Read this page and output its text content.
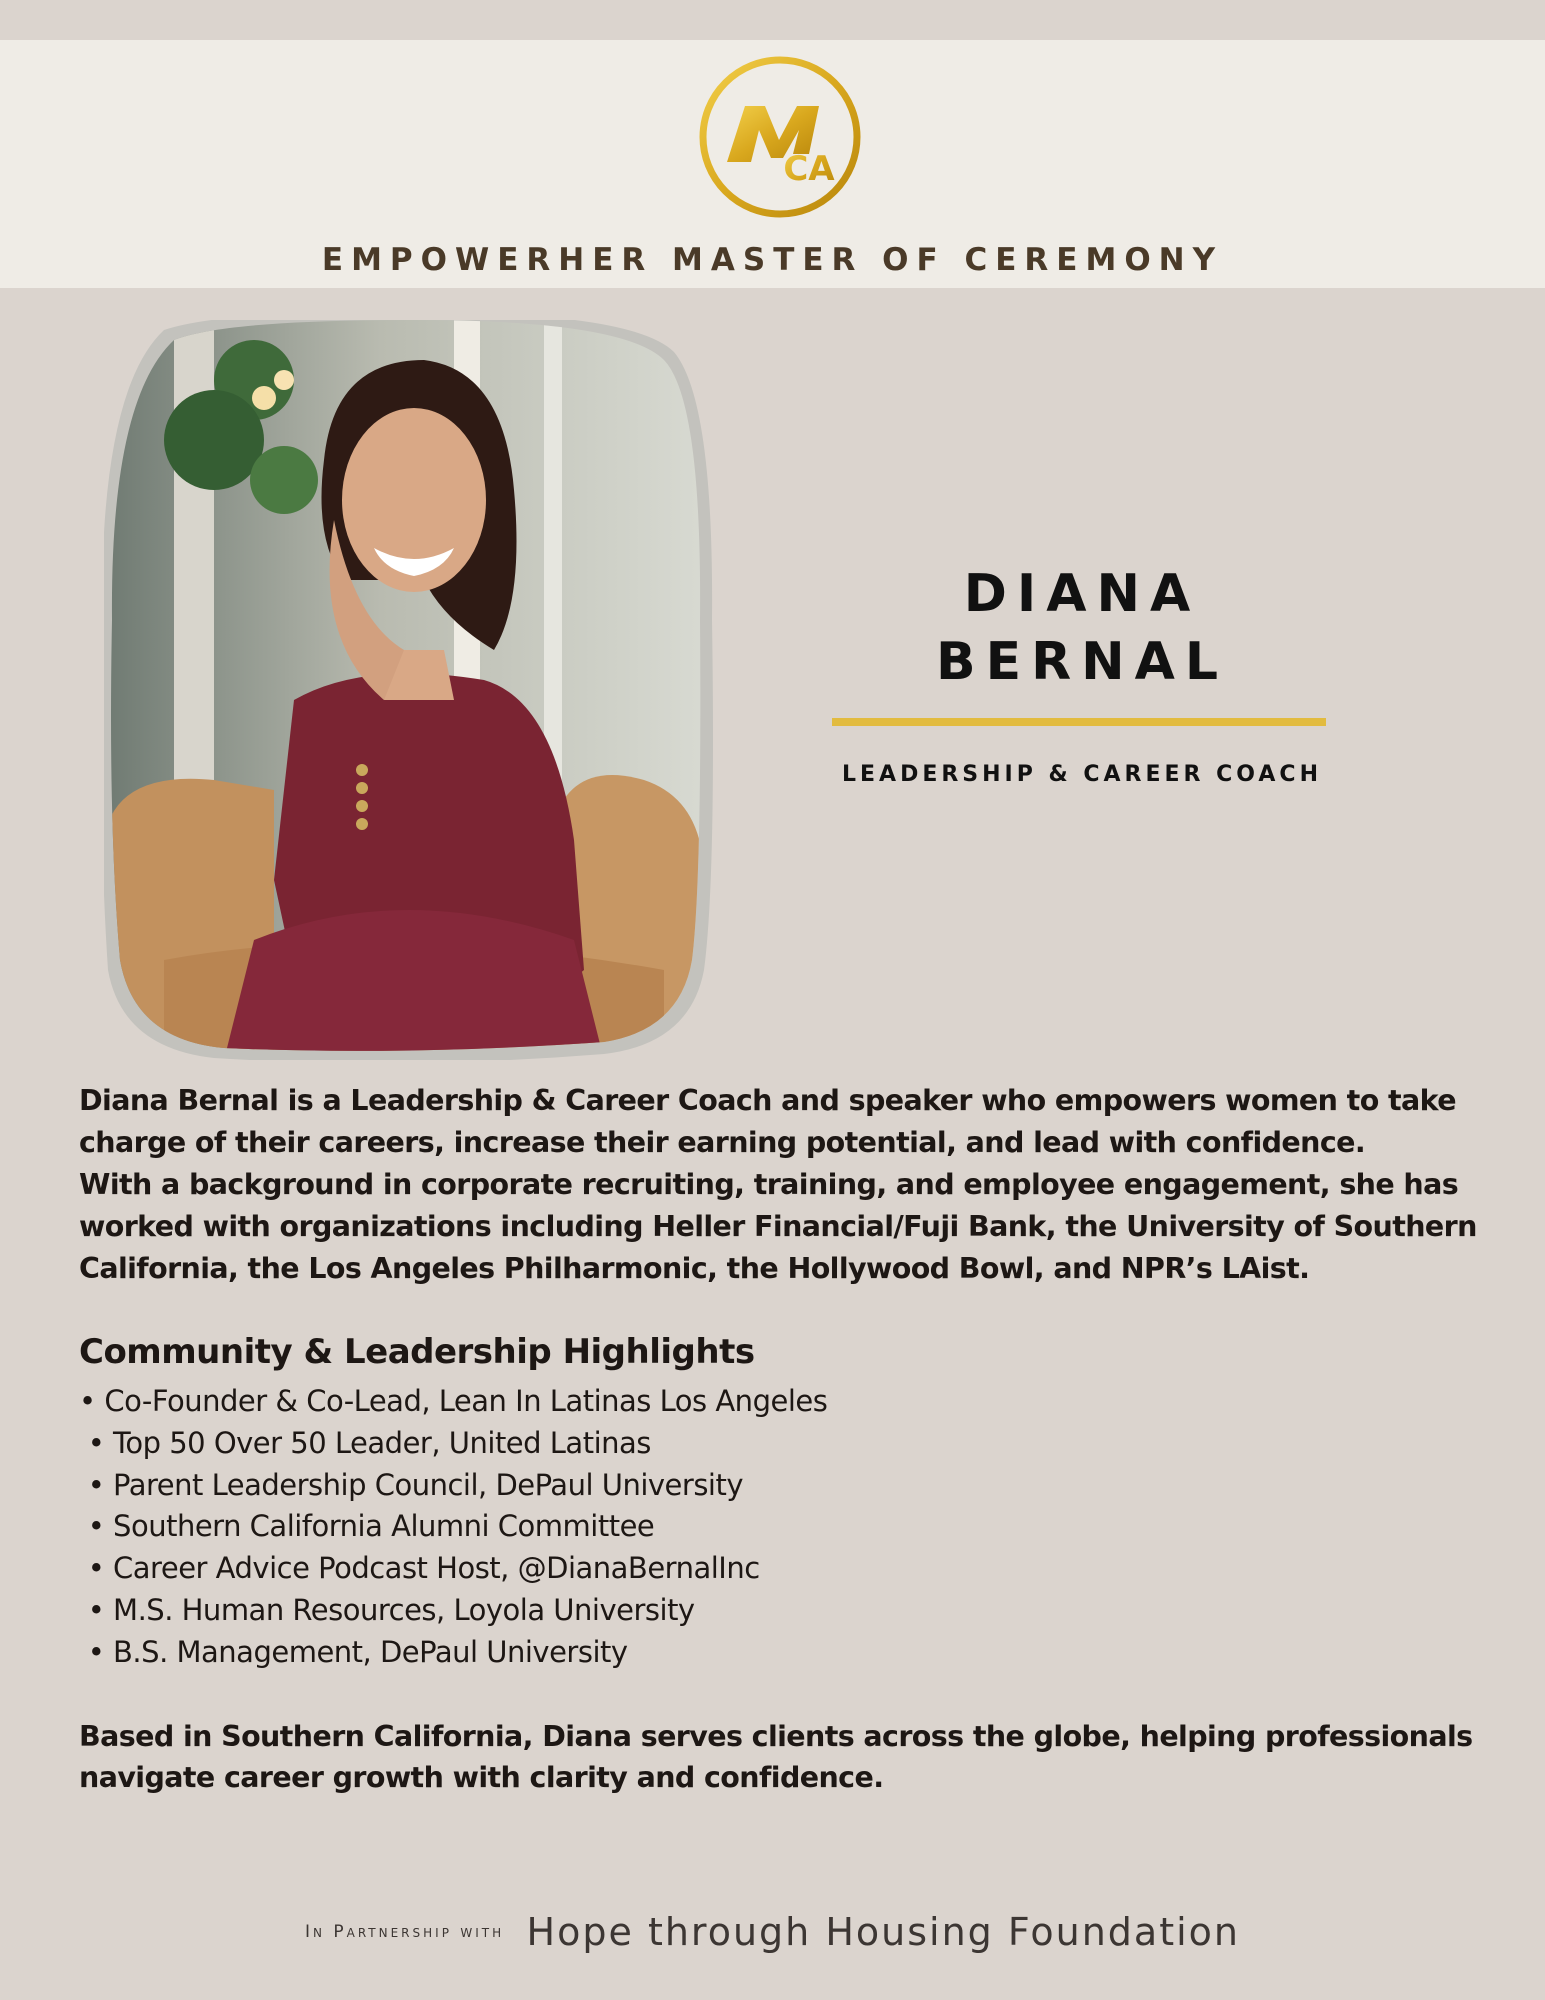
CA
EMPOWERHER MASTER OF CEREMONY
DIANA
BERNAL
LEADERSHIP & CAREER COACH

Diana Bernal is a Leadership & Career Coach and speaker who empowers women to take charge of their careers, increase their earning potential, and lead with confidence.

With a background in corporate recruiting, training, and employee engagement, she has worked with organizations including Heller Financial/Fuji Bank, the University of Southern California, the Los Angeles Philharmonic, the Hollywood Bowl, and NPR’s LAist.

Community & Leadership Highlights
• Co-Founder & Co-Lead, Lean In Latinas Los Angeles
• Top 50 Over 50 Leader, United Latinas
• Parent Leadership Council, DePaul University
• Southern California Alumni Committee
• Career Advice Podcast Host, @DianaBernalInc
• M.S. Human Resources, Loyola University
• B.S. Management, DePaul University
Based in Southern California, Diana serves clients across the globe, helping professionals navigate career growth with clarity and confidence.
In Partnership with Hope through Housing Foundation
